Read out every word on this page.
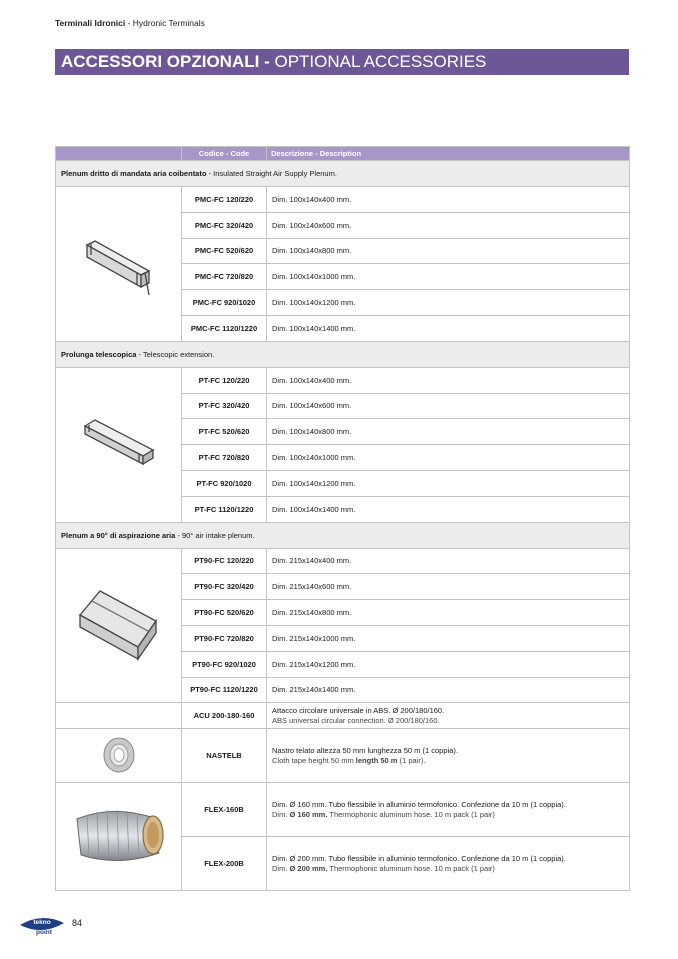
Terminali Idronici - Hydronic Terminals
ACCESSORI OPZIONALI - OPTIONAL ACCESSORIES
	Codice - Code	Descrizione - Description
Plenum dritto di mandata aria coibentato - Insulated Straight Air Supply Plenum.		
	PMC-FC 120/220	Dim. 100x140x400 mm.
	PMC-FC 320/420	Dim. 100x140x600 mm.
	PMC-FC 520/620	Dim. 100x140x800 mm.
	PMC-FC 720/820	Dim. 100x140x1000 mm.
	PMC-FC 920/1020	Dim. 100x140x1200 mm.
	PMC-FC 1120/1220	Dim. 100x140x1400 mm.
Prolunga telescopica - Telescopic extension.		
	PT-FC 120/220	Dim. 100x140x400 mm.
	PT-FC 320/420	Dim. 100x140x600 mm.
	PT-FC 520/620	Dim. 100x140x800 mm.
	PT-FC 720/820	Dim. 100x140x1000 mm.
	PT-FC 920/1020	Dim. 100x140x1200 mm.
	PT-FC 1120/1220	Dim. 100x140x1400 mm.
Plenum a 90° di aspirazione aria - 90° air intake plenum.		
	PT90-FC 120/220	Dim. 215x140x400 mm.
	PT90-FC 320/420	Dim. 215x140x600 mm.
	PT90-FC 520/620	Dim. 215x140x800 mm.
	PT90-FC 720/820	Dim. 215x140x1000 mm.
	PT90-FC 920/1020	Dim. 215x140x1200 mm.
	PT90-FC 1120/1220	Dim. 215x140x1400 mm.
	ACU 200-180-160	Attacco circolare universale in ABS. Ø 200/180/160.
ABS universal circular connection. Ø 200/180/160.

	NASTELB	Nastro telato altezza 50 mm lunghezza 50 m (1 coppia).
Cloth tape height 50 mm length 50 m (1 pair).

	FLEX-160B	Dim. Ø 160 mm. Tubo flessibile in alluminio termofonico. Confezione da 10 m (1 coppia).
Dim. Ø 160 mm. Thermophonic aluminum hose. 10 m pack (1 pair)

	FLEX-200B	Dim. Ø 200 mm. Tubo flessibile in alluminio termofonico. Confezione da 10 m (1 coppia).
Dim. Ø 200 mm. Thermophonic aluminum hose. 10 m pack (1 pair)
tekno
point
84
